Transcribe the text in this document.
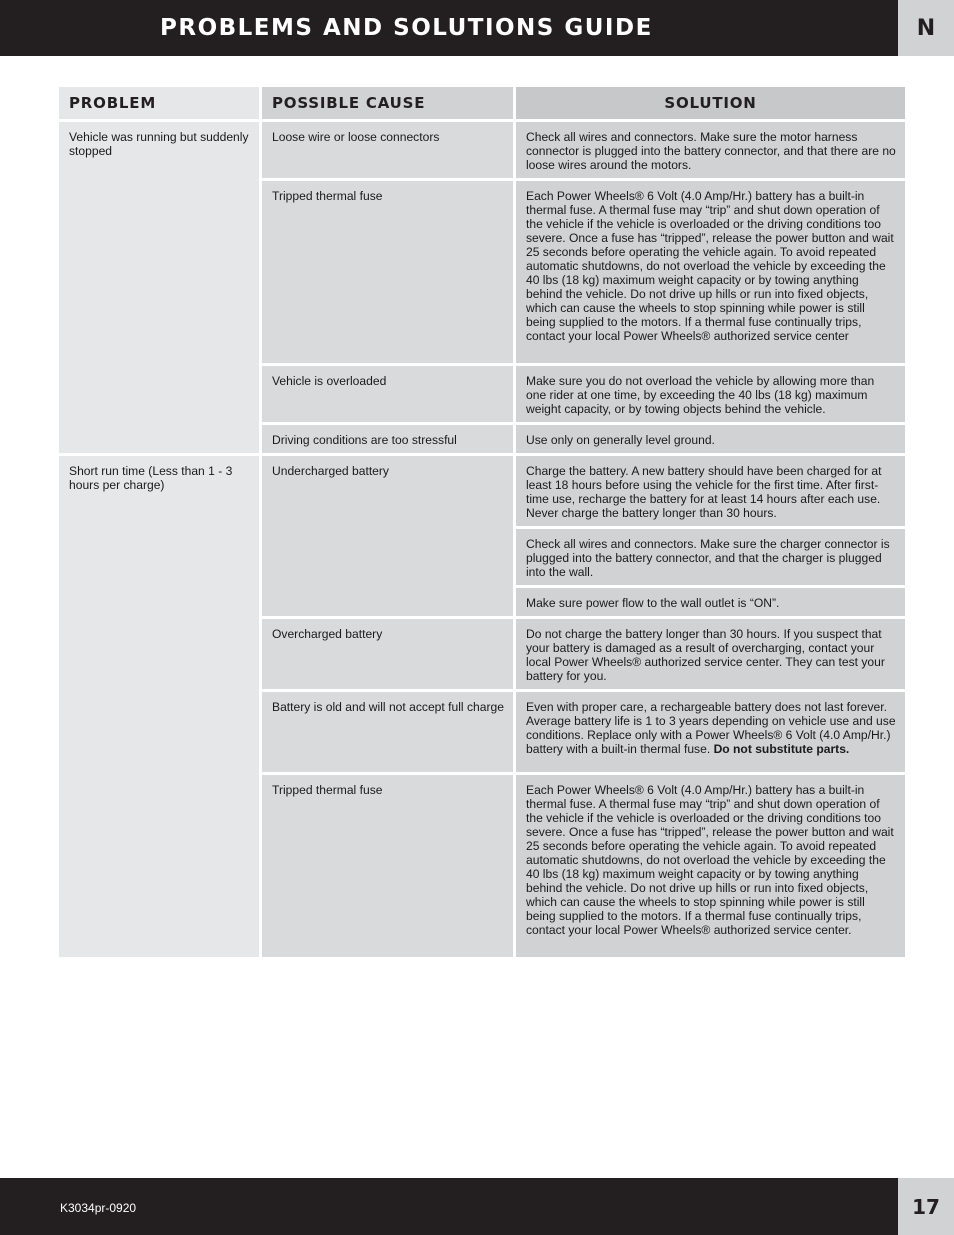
PROBLEMS AND SOLUTIONS GUIDE	N
PROBLEM	POSSIBLE CAUSE	SOLUTION
Vehicle was running but suddenly stopped	Loose wire or loose connectors	Check all wires and connectors. Make sure the motor harness connector is plugged into the battery connector, and that there are no loose wires around the motors.
	Tripped thermal fuse	Each Power Wheels® 6 Volt (4.0 Amp/Hr.) battery has a built-in thermal fuse. A thermal fuse may “trip” and shut down operation of the vehicle if the vehicle is overloaded or the driving conditions too severe. Once a fuse has “tripped”, release the power button and wait 25 seconds before operating the vehicle again. To avoid repeated automatic shutdowns, do not overload the vehicle by exceeding the 40 lbs (18 kg) maximum weight capacity or by towing anything behind the vehicle. Do not drive up hills or run into fixed objects, which can cause the wheels to stop spinning while power is still being supplied to the motors. If a thermal fuse continually trips, contact your local Power Wheels® authorized service center
	Vehicle is overloaded	Make sure you do not overload the vehicle by allowing more than one rider at one time, by exceeding the 40 lbs (18 kg) maximum weight capacity, or by towing objects behind the vehicle.
	Driving conditions are too stressful	Use only on generally level ground.
Short run time (Less than 1 - 3 hours per charge)	Undercharged battery	Charge the battery. A new battery should have been charged for at least 18 hours before using the vehicle for the first time. After first-time use, recharge the battery for at least 14 hours after each use. Never charge the battery longer than 30 hours.
		Check all wires and connectors. Make sure the charger connector is plugged into the battery connector, and that the charger is plugged into the wall.
		Make sure power flow to the wall outlet is “ON”.
	Overcharged battery	Do not charge the battery longer than 30 hours. If you suspect that your battery is damaged as a result of overcharging, contact your local Power Wheels® authorized service center. They can test your battery for you.
	Battery is old and will not accept full charge	Even with proper care, a rechargeable battery does not last forever. Average battery life is 1 to 3 years depending on vehicle use and use conditions. Replace only with a Power Wheels® 6 Volt (4.0 Amp/Hr.) battery with a built-in thermal fuse. Do not substitute parts.
	Tripped thermal fuse	Each Power Wheels® 6 Volt (4.0 Amp/Hr.) battery has a built-in thermal fuse. A thermal fuse may “trip” and shut down operation of the vehicle if the vehicle is overloaded or the driving conditions too severe. Once a fuse has “tripped”, release the power button and wait 25 seconds before operating the vehicle again. To avoid repeated automatic shutdowns, do not overload the vehicle by exceeding the 40 lbs (18 kg) maximum weight capacity or by towing anything behind the vehicle. Do not drive up hills or run into fixed objects, which can cause the wheels to stop spinning while power is still being supplied to the motors. If a thermal fuse continually trips, contact your local Power Wheels® authorized service center.
K3034pr-0920	17
